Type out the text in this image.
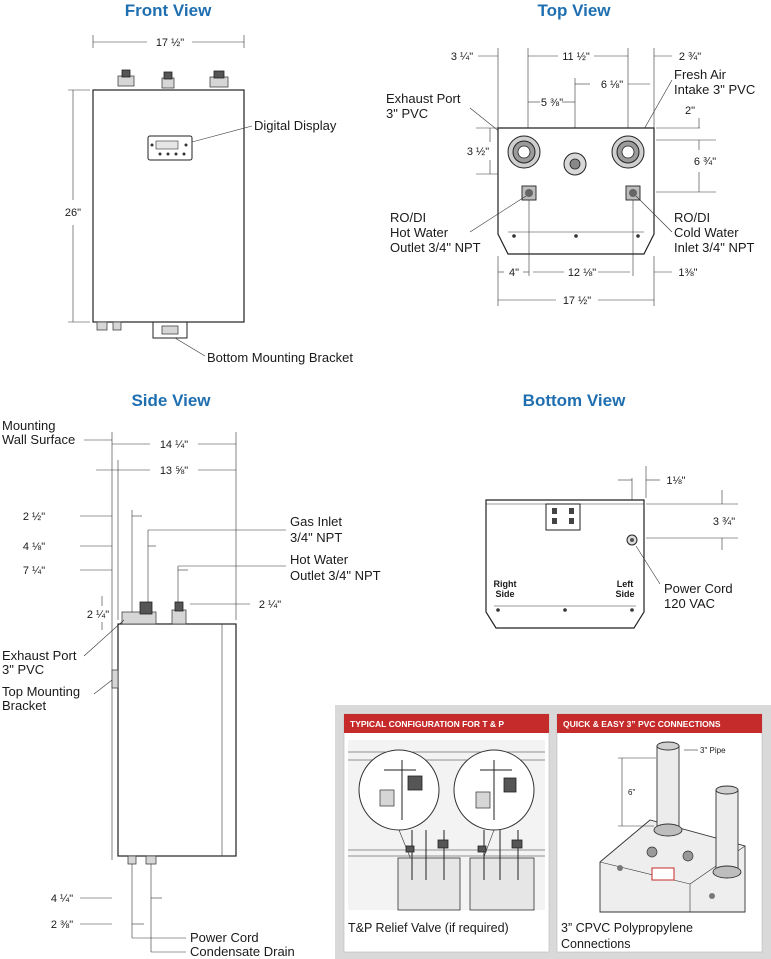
Front View
17 ½"
Digital Display
26"
Bottom Mounting Bracket
Top View
3 ¼"	11 ½"	2 ¾"
6 ⅛"
5 ⅜"
Exhaust Port
3" PVC
Fresh Air
Intake 3" PVC
2"
6 ¾"
3 ½"
RO/DI
Hot Water
Outlet 3/4" NPT
RO/DI
Cold Water
Inlet 3/4" NPT
4"	12 ⅛"	1⅜"
17 ½"
Side View
Mounting
Wall Surface	14 ¼"
13 ⅝"
2 ½"
4 ⅛"
7 ¼"
Gas Inlet
3/4" NPT
Hot Water
Outlet 3/4" NPT
2 ¼"
2 ¼"
Exhaust Port
3" PVC
Top Mounting
Bracket
4 ¼"
2 ⅜"
Power Cord
Condensate Drain
Bottom View
1⅛"
3 ¾"
Right
Side
Left
Side Power Cord
120 VAC
TYPICAL CONFIGURATION FOR T & P
T&P Relief Valve (if required)
QUICK & EASY 3” PVC CONNECTIONS
3" Pipe
6"
3” CPVC Polypropylene
Connections
